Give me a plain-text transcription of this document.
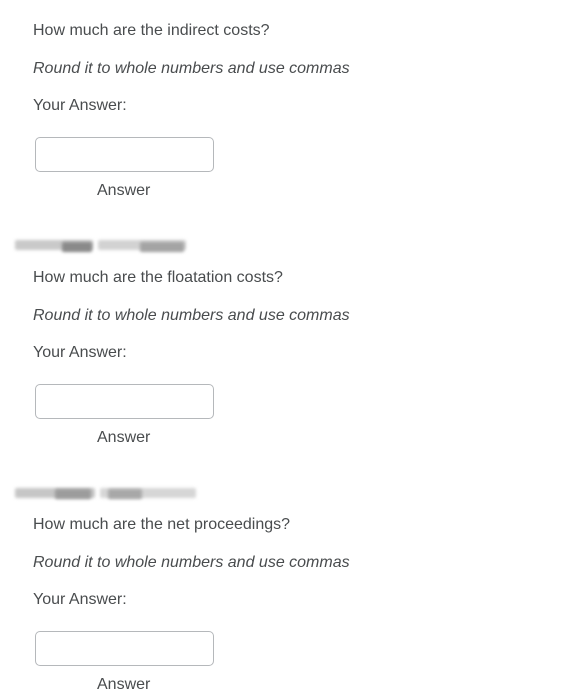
How much are the indirect costs?
Round it to whole numbers and use commas
Your Answer:
Answer
How much are the floatation costs?
Round it to whole numbers and use commas
Your Answer:
Answer
How much are the net proceedings?
Round it to whole numbers and use commas
Your Answer:
Answer
